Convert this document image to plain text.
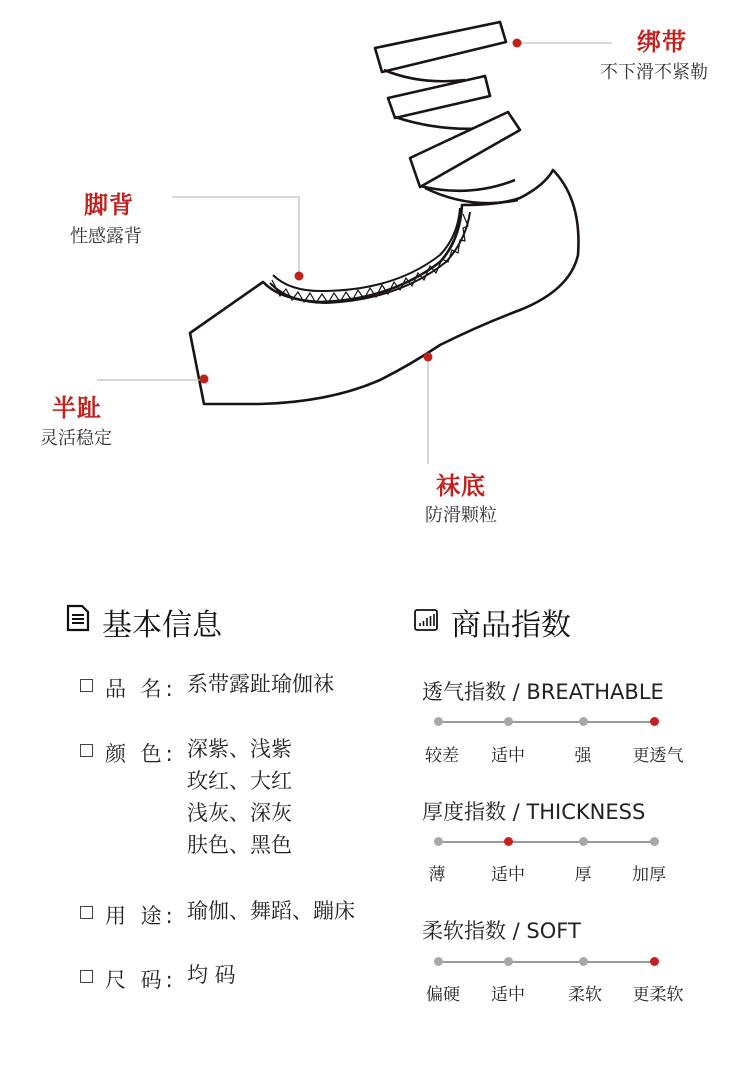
绑带
不下滑不紧勒
脚背
性感露背
半趾
灵活稳定
袜底
防滑颗粒
基本信息
品 名: 系带露趾瑜伽袜
颜 色: 深紫、浅紫
玫红、大红
浅灰、深灰
肤色、黑色
用 途: 瑜伽、舞蹈、蹦床
尺 码: 均 码
商品指数
透气指数 / BREATHABLE
较差 适中	强 更透气
厚度指数 / THICKNESS
薄	适中	厚 加厚
柔软指数 / SOFT
偏硬 适中	柔软 更柔软
